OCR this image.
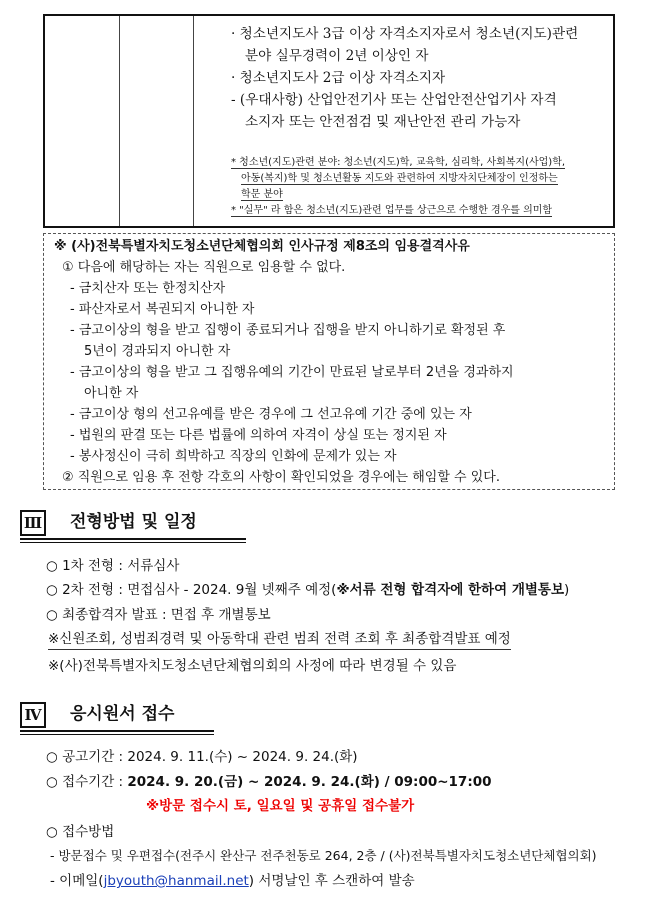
· 청소년지도사 3급 이상 자격소지자로서 청소년(지도)관련
분야 실무경력이 2년 이상인 자
· 청소년지도사 2급 이상 자격소지자
- (우대사항) 산업안전기사 또는 산업안전산업기사 자격
소지자 또는 안전점검 및 재난안전 관리 가능자
* 청소년(지도)관련 분야: 청소년(지도)학, 교육학, 심리학, 사회복지(사업)학,
아동(복지)학 및 청소년활동 지도와 관련하여 지방자치단체장이 인정하는
학문 분야
* "실무" 라 함은 청소년(지도)관련 업무를 상근으로 수행한 경우를 의미함
※ (사)전북특별자치도청소년단체협의회 인사규정 제8조의 임용결격사유
① 다음에 해당하는 자는 직원으로 임용할 수 없다.
- 금치산자 또는 한정치산자
- 파산자로서 복권되지 아니한 자
- 금고이상의 형을 받고 집행이 종료되거나 집행을 받지 아니하기로 확정된 후
5년이 경과되지 아니한 자
- 금고이상의 형을 받고 그 집행유예의 기간이 만료된 날로부터 2년을 경과하지
아니한 자
- 금고이상 형의 선고유예를 받은 경우에 그 선고유예 기간 중에 있는 자
- 법원의 판결 또는 다른 법률에 의하여 자격이 상실 또는 정지된 자
- 봉사정신이 극히 희박하고 직장의 인화에 문제가 있는 자
② 직원으로 임용 후 전항 각호의 사항이 확인되었을 경우에는 해임할 수 있다.
Ⅲ 전형방법 및 일정
○ 1차 전형 : 서류심사
○ 2차 전형 : 면접심사 - 2024. 9월 넷째주 예정(※서류 전형 합격자에 한하여 개별통보)
○ 최종합격자 발표 : 면접 후 개별통보
※신원조회, 성범죄경력 및 아동학대 관련 범죄 전력 조회 후 최종합격발표 예정
※(사)전북특별자치도청소년단체협의회의 사정에 따라 변경될 수 있음
Ⅳ 응시원서 접수
○ 공고기간 : 2024. 9. 11.(수) ~ 2024. 9. 24.(화)
○ 접수기간 : 2024. 9. 20.(금) ~ 2024. 9. 24.(화) / 09:00~17:00
※방문 접수시 토, 일요일 및 공휴일 접수불가
○ 접수방법
- 방문접수 및 우편접수(전주시 완산구 전주천동로 264, 2층 / (사)전북특별자치도청소년단체협의회)
- 이메일(jbyouth@hanmail.net) 서명날인 후 스캔하여 발송
